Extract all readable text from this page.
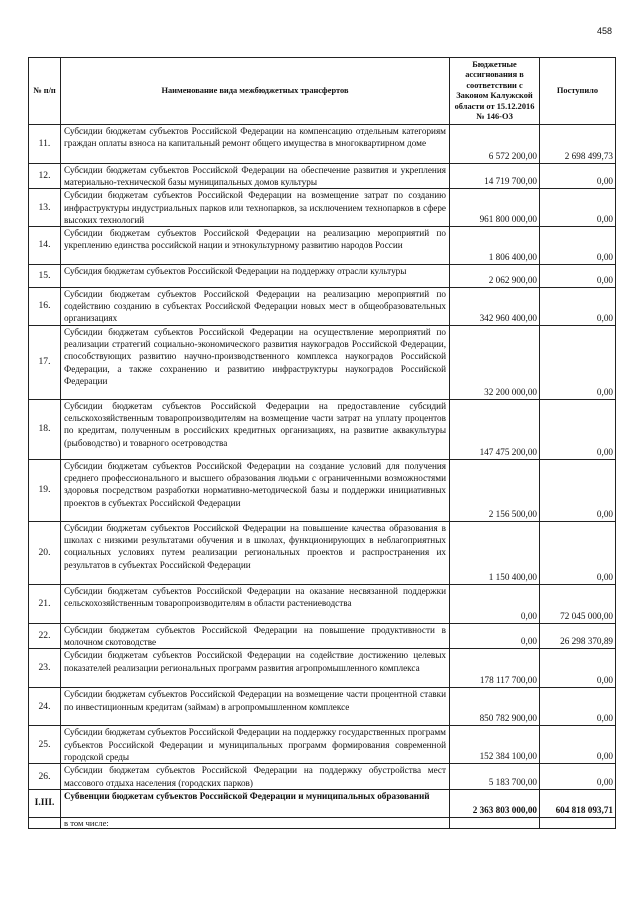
458
№ п/п	Наименование вида межбюджетных трансфертов	Бюджетные ассигнования в соответствии с Законом Калужской области от 15.12.2016 № 146-ОЗ	Поступило
11.	Субсидии бюджетам субъектов Российской Федерации на компенсацию отдельным категориям граждан оплаты взноса на капитальный ремонт общего имущества в многоквартирном доме	6 572 200,00	2 698 499,73
12.	Субсидии бюджетам субъектов Российской Федерации на обеспечение развития и укрепления материально-технической базы муниципальных домов культуры	14 719 700,00	0,00
13.	Субсидии бюджетам субъектов Российской Федерации на возмещение затрат по созданию инфраструктуры индустриальных парков или технопарков, за исключением технопарков в сфере высоких технологий	961 800 000,00	0,00
14.	Субсидии бюджетам субъектов Российской Федерации на реализацию мероприятий по укреплению единства российской нации и этнокультурному развитию народов России	1 806 400,00	0,00
15.	Субсидия бюджетам субъектов Российской Федерации на поддержку отрасли культуры	2 062 900,00	0,00
16.	Субсидии бюджетам субъектов Российской Федерации на реализацию мероприятий по содействию созданию в субъектах Российской Федерации новых мест в общеобразовательных организациях	342 960 400,00	0,00
17.	Субсидии бюджетам субъектов Российской Федерации на осуществление мероприятий по реализации стратегий социально-экономического развития наукоградов Российской Федерации, способствующих развитию научно-производственного комплекса наукоградов Российской Федерации, а также сохранению и развитию инфраструктуры наукоградов Российской Федерации	32 200 000,00	0,00
18.	Субсидии бюджетам субъектов Российской Федерации на предоставление субсидий сельскохозяйственным товаропроизводителям на возмещение части затрат на уплату процентов по кредитам, полученным в российских кредитных организациях, на развитие аквакультуры (рыбоводство) и товарного осетроводства	147 475 200,00	0,00
19.	Субсидии бюджетам субъектов Российской Федерации на создание условий для получения среднего профессионального и высшего образования людьми с ограниченными возможностями здоровья посредством разработки нормативно-методической базы и поддержки инициативных проектов в субъектах Российской Федерации	2 156 500,00	0,00
20.	Субсидии бюджетам субъектов Российской Федерации на повышение качества образования в школах с низкими результатами обучения и в школах, функционирующих в неблагоприятных социальных условиях путем реализации региональных проектов и распространения их результатов в субъектах Российской Федерации	1 150 400,00	0,00
21.	Субсидии бюджетам субъектов Российской Федерации на оказание несвязанной поддержки сельскохозяйственным товаропроизводителям в области растениеводства	0,00	72 045 000,00
22.	Субсидии бюджетам субъектов Российской Федерации на повышение продуктивности в молочном скотоводстве	0,00	26 298 370,89
23.	Субсидии бюджетам субъектов Российской Федерации на содействие достижению целевых показателей реализации региональных программ развития агропромышленного комплекса	178 117 700,00	0,00
24.	Субсидии бюджетам субъектов Российской Федерации на возмещение части процентной ставки по инвестиционным кредитам (займам) в агропромышленном комплексе	850 782 900,00	0,00
25.	Субсидии бюджетам субъектов Российской Федерации на поддержку государственных программ субъектов Российской Федерации и муниципальных программ формирования современной городской среды	152 384 100,00	0,00
26.	Субсидии бюджетам субъектов Российской Федерации на поддержку обустройства мест массового отдыха населения (городских парков)	5 183 700,00	0,00
I.III.	Субвенции бюджетам субъектов Российской Федерации и муниципальных образований	2 363 803 000,00	604 818 093,71
	в том числе:		
